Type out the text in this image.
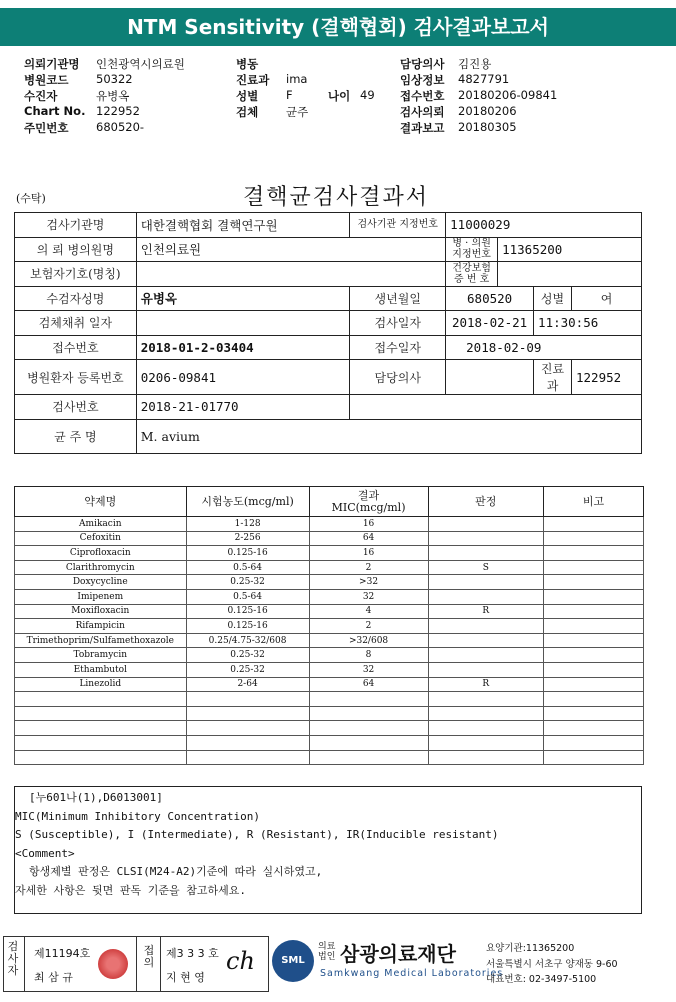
NTM Sensitivity (결핵협회) 검사결과보고서
의뢰기관명 인천광역시의료원	병동	담당의사 김진용
병원코드 50322	진료과 ima	임상정보 4827791
수진자	유병옥	성별 F	나이 49 접수번호 20180206-09841
Chart No. 122952	검체 균주	검사의뢰 20180206
주민번호 680520-	결과보고 20180305
(수탁)	결핵균검사결과서
검사기관명	대한결핵협회 결핵연구원	검사기관 지정번호	11000029			
의 뢰 병의원명	인천의료원		병 · 의원 지정번호	11365200		
보험자기호(명칭)			건강보험 증 번 호			
수검자성명	유병옥	생년월일	680520		성별	여
검체채취 일자		검사일자	2018-02-21		11:30:56	
접수번호	2018-01-2-03404	접수일자	2018-02-09			
병원환자 등록번호	0206-09841	담당의사			진료과	122952
검사번호	2018-21-01770					
균 주 명	M. avium					
약제명	시험농도(mcg/ml)	결과 MIC(mcg/ml)	판정	비고
Amikacin	1-128	16		
Cefoxitin	2-256	64		
Ciprofloxacin	0.125-16	16		
Clarithromycin	0.5-64	2	S	
Doxycycline	0.25-32	>32		
Imipenem	0.5-64	32		
Moxifloxacin	0.125-16	4	R	
Rifampicin	0.125-16	2		
Trimethoprim/Sulfamethoxazole	0.25/4.75-32/608	>32/608		
Tobramycin	0.25-32	8		
Ethambutol	0.25-32	32		
Linezolid	2-64	64	R	

[누601나(1),D6013001]
MIC(Minimum Inhibitory Concentration)
S (Susceptible), I (Intermediate), R (Resistant), IR(Inducible resistant)
<Comment>
항생제별 판정은 CLSI(M24-A2)기준에 따라 실시하였고,
자세한 사항은 뒷면 판독 기준을 참고하세요.
검사자
제11194호
최 삼 규
접의
제3 3 3 호
지 현 영
ch	SML
의료 법인 삼광의료재단
Samkwang Medical Laboratories
요양기관:11365200
서울특별시 서초구 양재동 9-60
대표번호: 02-3497-5100
